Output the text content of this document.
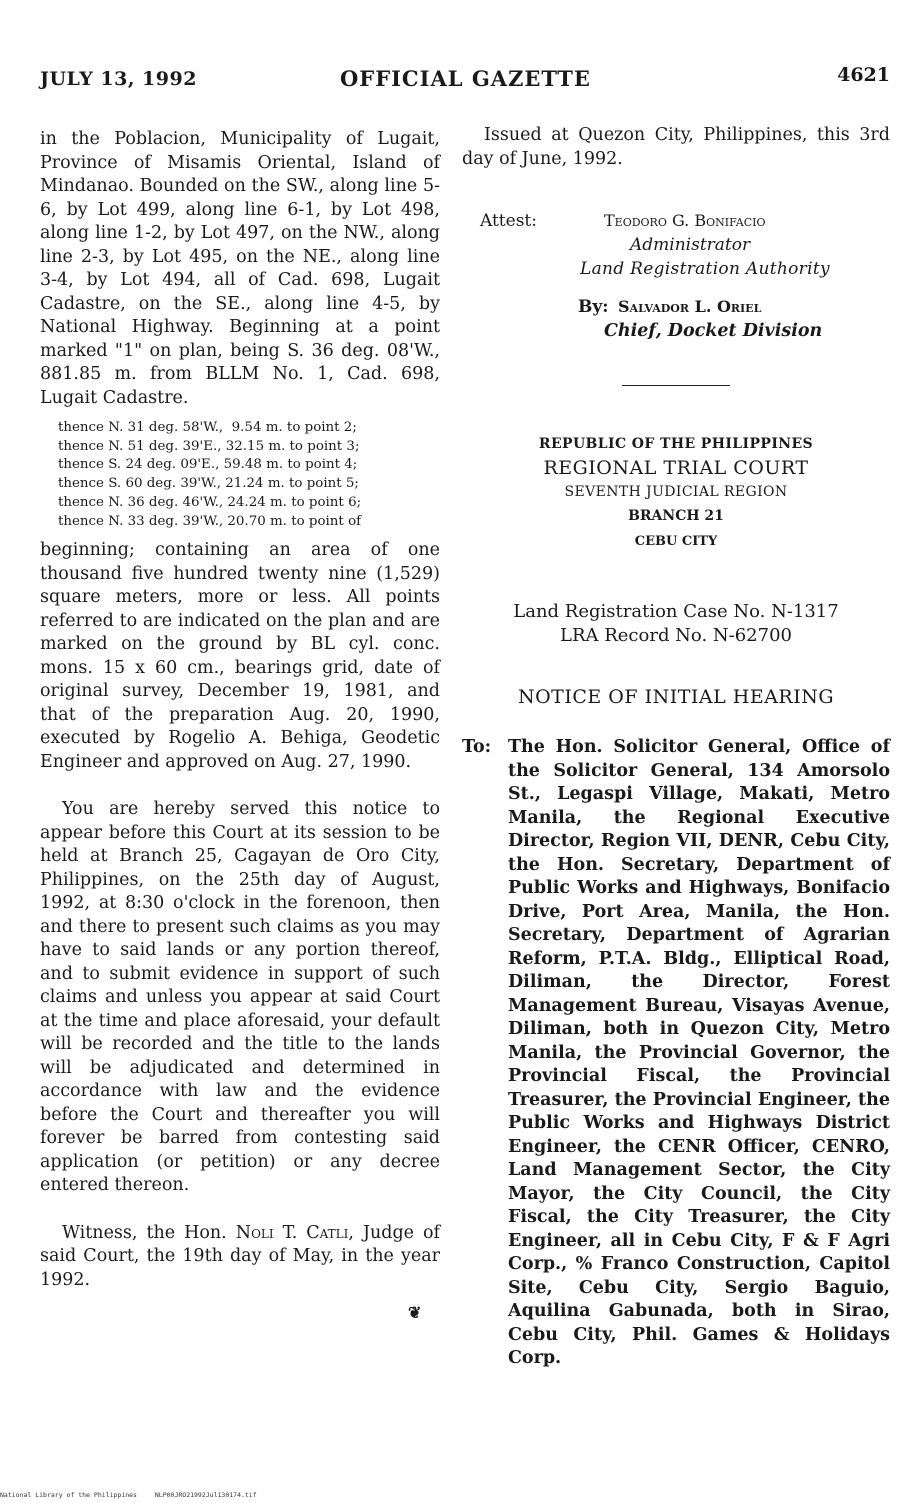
JULY 13, 1992	OFFICIAL GAZETTE	4621

in the Poblacion, Municipality of Lugait, Province of Misamis Oriental, Island of Mindanao. Bounded on the SW., along line 5-6, by Lot 499, along line 6-1, by Lot 498, along line 1-2, by Lot 497, on the NW., along line 2-3, by Lot 495, on the NE., along line 3-4, by Lot 494, all of Cad. 698, Lugait Cadastre, on the SE., along line 4-5, by National Highway. Beginning at a point marked "1" on plan, being S. 36 deg. 08'W., 881.85 m. from BLLM No. 1, Cad. 698, Lugait Cadastre.

thence N. 31 deg. 58'W.,  9.54 m. to point 2;
thence N. 51 deg. 39'E., 32.15 m. to point 3;
thence S. 24 deg. 09'E., 59.48 m. to point 4;
thence S. 60 deg. 39'W., 21.24 m. to point 5;
thence N. 36 deg. 46'W., 24.24 m. to point 6;
thence N. 33 deg. 39'W., 20.70 m. to point of

beginning; containing an area of one thousand five hundred twenty nine (1,529) square meters, more or less. All points referred to are indicated on the plan and are marked on the ground by BL cyl. conc. mons. 15 x 60 cm., bearings grid, date of original survey, December 19, 1981, and that of the preparation Aug. 20, 1990, executed by Rogelio A. Behiga, Geodetic Engineer and approved on Aug. 27, 1990.

You are hereby served this notice to appear before this Court at its session to be held at Branch 25, Cagayan de Oro City, Philippines, on the 25th day of August, 1992, at 8:30 o'clock in the forenoon, then and there to present such claims as you may have to said lands or any portion thereof, and to submit evidence in support of such claims and unless you appear at said Court at the time and place aforesaid, your default will be recorded and the title to the lands will be adjudicated and determined in accordance with law and the evidence before the Court and thereafter you will forever be barred from contesting said application (or petition) or any decree entered thereon.

Witness, the Hon. Noli T. Catli, Judge of said Court, the 19th day of May, in the year 1992.

Issued at Quezon City, Philippines, this 3rd day of June, 1992.

Attest:	Teodoro G. Bonifacio
Administrator
Land Registration Authority
By: Salvador L. Oriel
Chief, Docket Division
REPUBLIC OF THE PHILIPPINES
REGIONAL TRIAL COURT
SEVENTH JUDICIAL REGION
BRANCH 21
CEBU CITY
Land Registration Case No. N-1317
LRA Record No. N-62700
NOTICE OF INITIAL HEARING
To: The Hon. Solicitor General, Office of the Solicitor General, 134 Amorsolo St., Legaspi Village, Makati, Metro Manila, the Regional Executive Director, Region VII, DENR, Cebu City, the Hon. Secretary, Department of Public Works and Highways, Bonifacio Drive, Port Area, Manila, the Hon. Secretary, Department of Agrarian Reform, P.T.A. Bldg., Elliptical Road, Diliman, the Director, Forest Management Bureau, Visayas Avenue, Diliman, both in Quezon City, Metro Manila, the Provincial Governor, the Provincial Fiscal, the Provincial Treasurer, the Provincial Engineer, the Public Works and Highways District Engineer, the CENR Officer, CENRO, Land Management Sector, the City Mayor, the City Council, the City Fiscal, the City Treasurer, the City Engineer, all in Cebu City, F & F Agri Corp., % Franco Construction, Capitol Site, Cebu City, Sergio Baguio, Aquilina Gabunada, both in Sirao, Cebu City, Phil. Games & Holidays Corp.

❦
National Library of the Philippines	NLP00JRO21992Jul130174.tif
